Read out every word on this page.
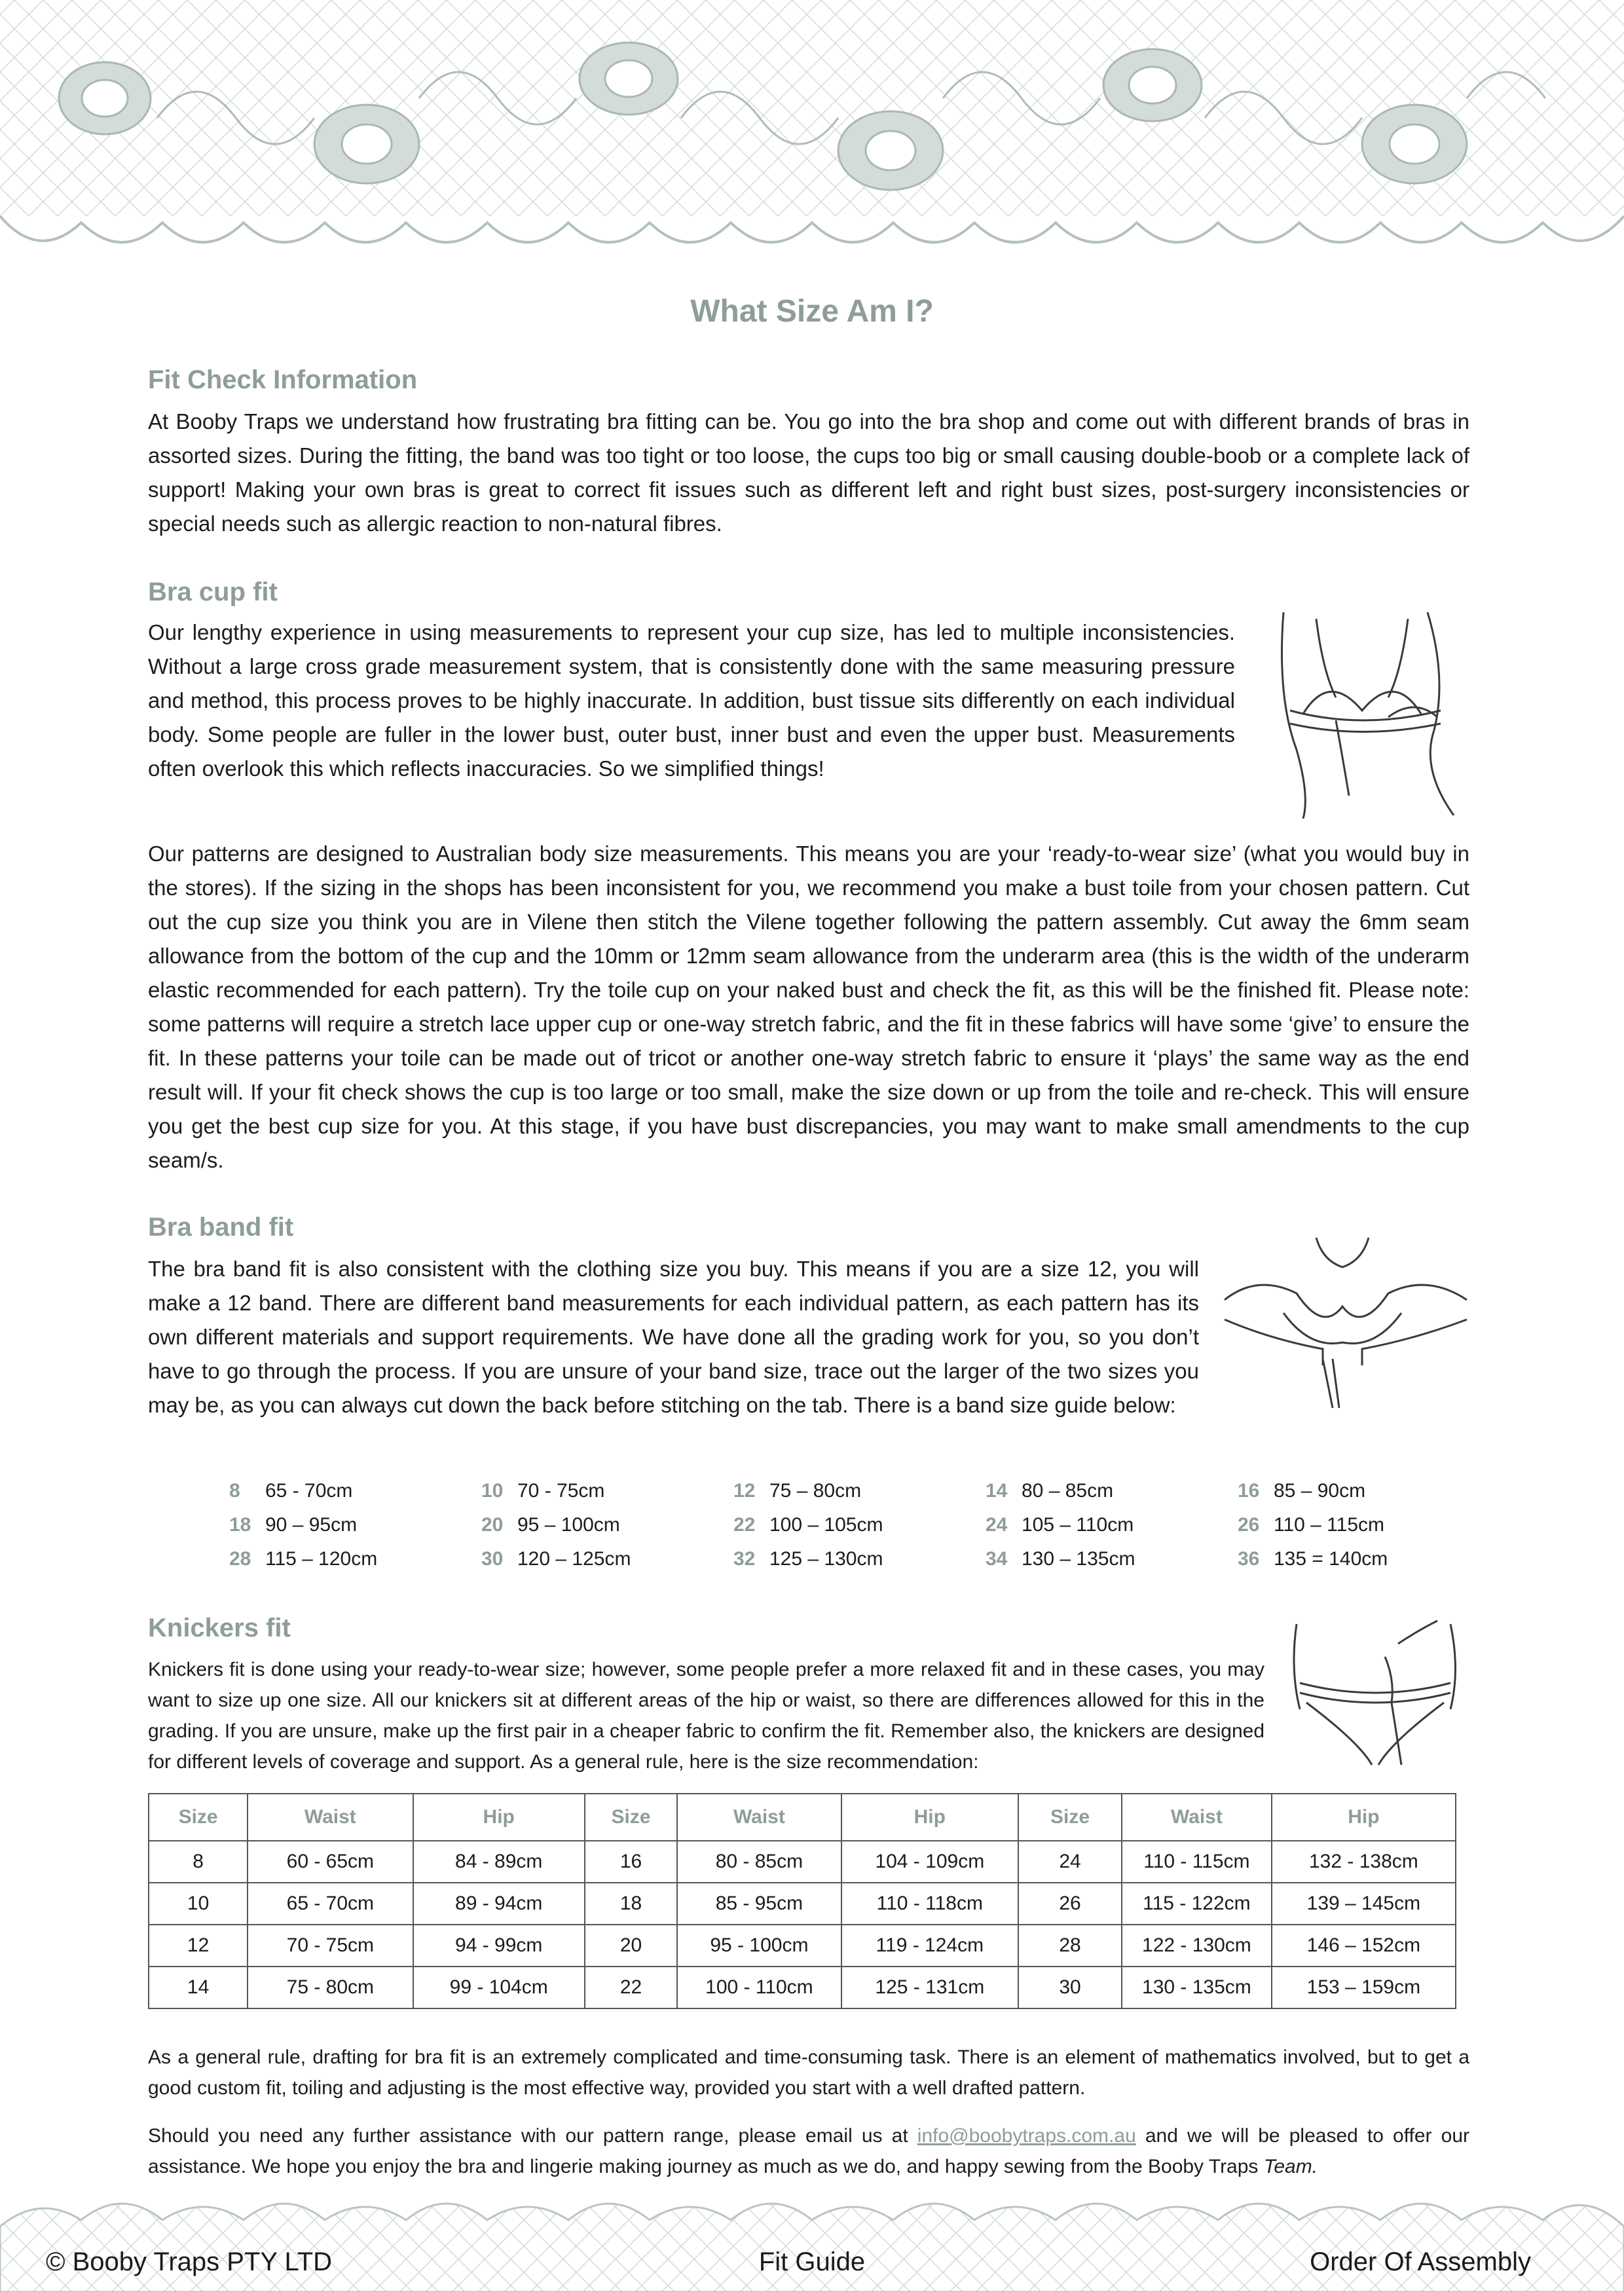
What Size Am I?
Fit Check Information

At Booby Traps we understand how frustrating bra fitting can be. You go into the bra shop and come out with different brands of bras in assorted sizes. During the fitting, the band was too tight or too loose, the cups too big or small causing double-boob or a complete lack of support! Making your own bras is great to correct fit issues such as different left and right bust sizes, post-surgery inconsistencies or special needs such as allergic reaction to non-natural fibres.

Bra cup fit

Our lengthy experience in using measurements to represent your cup size, has led to multiple inconsistencies. Without a large cross grade measurement system, that is consistently done with the same measuring pressure and method, this process proves to be highly inaccurate. In addition, bust tissue sits differently on each individual body. Some people are fuller in the lower bust, outer bust, inner bust and even the upper bust. Measurements often overlook this which reflects inaccuracies. So we simplified things!

Our patterns are designed to Australian body size measurements. This means you are your ‘ready-to-wear size’ (what you would buy in the stores). If the sizing in the shops has been inconsistent for you, we recommend you make a bust toile from your chosen pattern. Cut out the cup size you think you are in Vilene then stitch the Vilene together following the pattern assembly. Cut away the 6mm seam allowance from the bottom of the cup and the 10mm or 12mm seam allowance from the underarm area (this is the width of the underarm elastic recommended for each pattern). Try the toile cup on your naked bust and check the fit, as this will be the finished fit. Please note: some patterns will require a stretch lace upper cup or one-way stretch fabric, and the fit in these fabrics will have some ‘give’ to ensure the fit. In these patterns your toile can be made out of tricot or another one-way stretch fabric to ensure it ‘plays’ the same way as the end result will. If your fit check shows the cup is too large or too small, make the size down or up from the toile and re-check. This will ensure you get the best cup size for you. At this stage, if you have bust discrepancies, you may want to make small amendments to the cup seam/s.

Bra band fit

The bra band fit is also consistent with the clothing size you buy. This means if you are a size 12, you will make a 12 band. There are different band measurements for each individual pattern, as each pattern has its own different materials and support requirements. We have done all the grading work for you, so you don’t have to go through the process. If you are unsure of your band size, trace out the larger of the two sizes you may be, as you can always cut down the back before stitching on the tab. There is a band size guide below:

8 65 - 70cm	10 70 - 75cm	12 75 – 80cm	14 80 – 85cm	16 85 – 90cm
18 90 – 95cm	20 95 – 100cm	22 100 – 105cm	24 105 – 110cm	26 110 – 115cm
28 115 – 120cm	30 120 – 125cm	32 125 – 130cm	34 130 – 135cm	36 135 = 140cm
Knickers fit

Knickers fit is done using your ready-to-wear size; however, some people prefer a more relaxed fit and in these cases, you may want to size up one size. All our knickers sit at different areas of the hip or waist, so there are differences allowed for this in the grading. If you are unsure, make up the first pair in a cheaper fabric to confirm the fit. Remember also, the knickers are designed for different levels of coverage and support. As a general rule, here is the size recommendation:

Size	Waist	Hip	Size	Waist	Hip	Size	Waist	Hip
8	60 - 65cm	84 - 89cm	16	80 - 85cm	104 - 109cm	24	110 - 115cm	132 - 138cm
10	65 - 70cm	89 - 94cm	18	85 - 95cm	110 - 118cm	26	115 - 122cm	139 – 145cm
12	70 - 75cm	94 - 99cm	20	95 - 100cm	119 - 124cm	28	122 - 130cm	146 – 152cm
14	75 - 80cm	99 - 104cm	22	100 - 110cm	125 - 131cm	30	130 - 135cm	153 – 159cm

As a general rule, drafting for bra fit is an extremely complicated and time-consuming task. There is an element of mathematics involved, but to get a good custom fit, toiling and adjusting is the most effective way, provided you start with a well drafted pattern.

Should you need any further assistance with our pattern range, please email us at info@boobytraps.com.au and we will be pleased to offer our assistance. We hope you enjoy the bra and lingerie making journey as much as we do, and happy sewing from the Booby Traps Team.

© Booby Traps PTY LTD	Fit Guide	Order Of Assembly
